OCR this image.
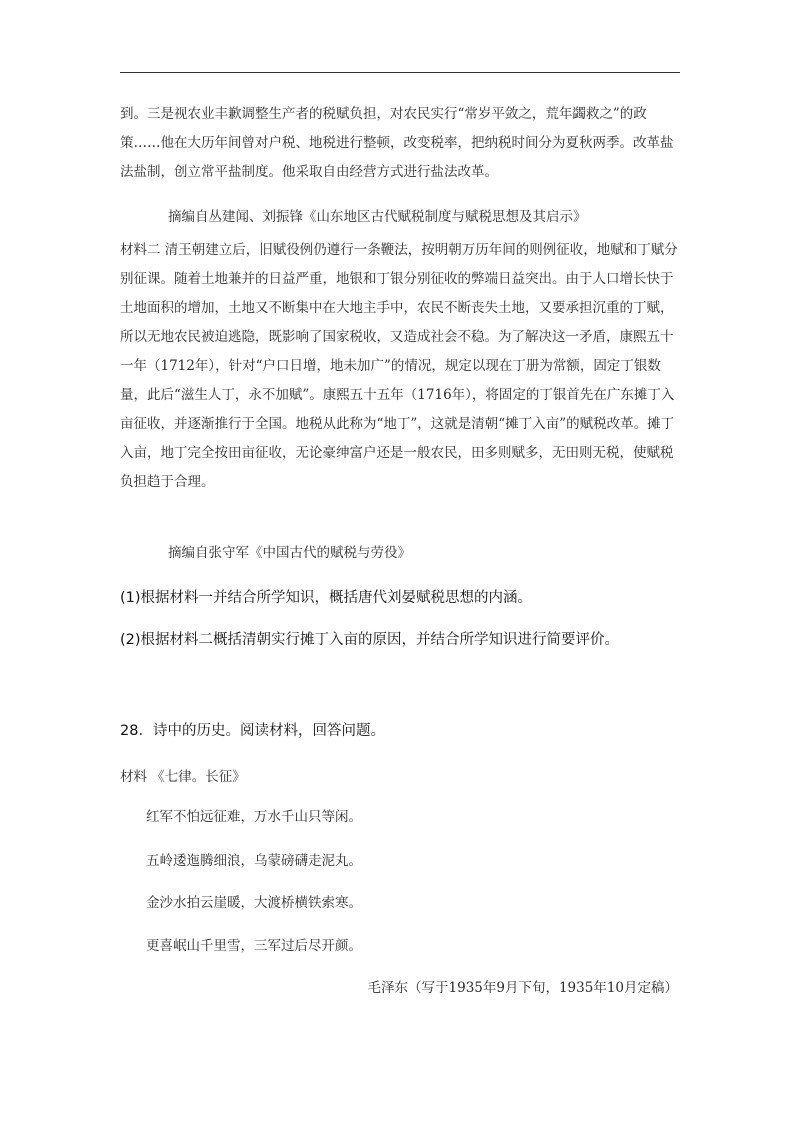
到。三是视农业丰歉调整生产者的税赋负担，对农民实行“常岁平敛之，荒年蠲救之”的政策……他在大历年间曾对户税、地税进行整顿，改变税率，把纳税时间分为夏秋两季。改革盐法盐制，创立常平盐制度。他采取自由经营方式进行盐法改革。
摘编自丛建闻、刘振锋《山东地区古代赋税制度与赋税思想及其启示》
材料二 清王朝建立后，旧赋役例仍遵行一条鞭法，按明朝万历年间的则例征收，地赋和丁赋分别征课。随着土地兼并的日益严重，地银和丁银分别征收的弊端日益突出。由于人口增长快于土地面积的增加，土地又不断集中在大地主手中，农民不断丧失土地，又要承担沉重的丁赋，所以无地农民被迫逃隐，既影响了国家税收，又造成社会不稳。为了解决这一矛盾，康熙五十一年（1712年），针对“户口日增，地未加广”的情况，规定以现在丁册为常额，固定丁银数量，此后“滋生人丁，永不加赋”。康熙五十五年（1716年），将固定的丁银首先在广东摊丁入亩征收，并逐渐推行于全国。地税从此称为“地丁”，这就是清朝“摊丁入亩”的赋税改革。摊丁入亩，地丁完全按田亩征收，无论豪绅富户还是一般农民，田多则赋多，无田则无税，使赋税负担趋于合理。
摘编自张守军《中国古代的赋税与劳役》
(1)根据材料一并结合所学知识，概括唐代刘晏赋税思想的内涵。
(2)根据材料二概括清朝实行摊丁入亩的原因，并结合所学知识进行简要评价。
28．诗中的历史。阅读材料，回答问题。
材料 《七律。长征》
红军不怕远征难，万水千山只等闲。
五岭逶迤腾细浪，乌蒙磅礴走泥丸。
金沙水拍云崖暖，大渡桥横铁索寒。
更喜岷山千里雪，三军过后尽开颜。
毛泽东（写于1935年9月下旬，1935年10月定稿）
